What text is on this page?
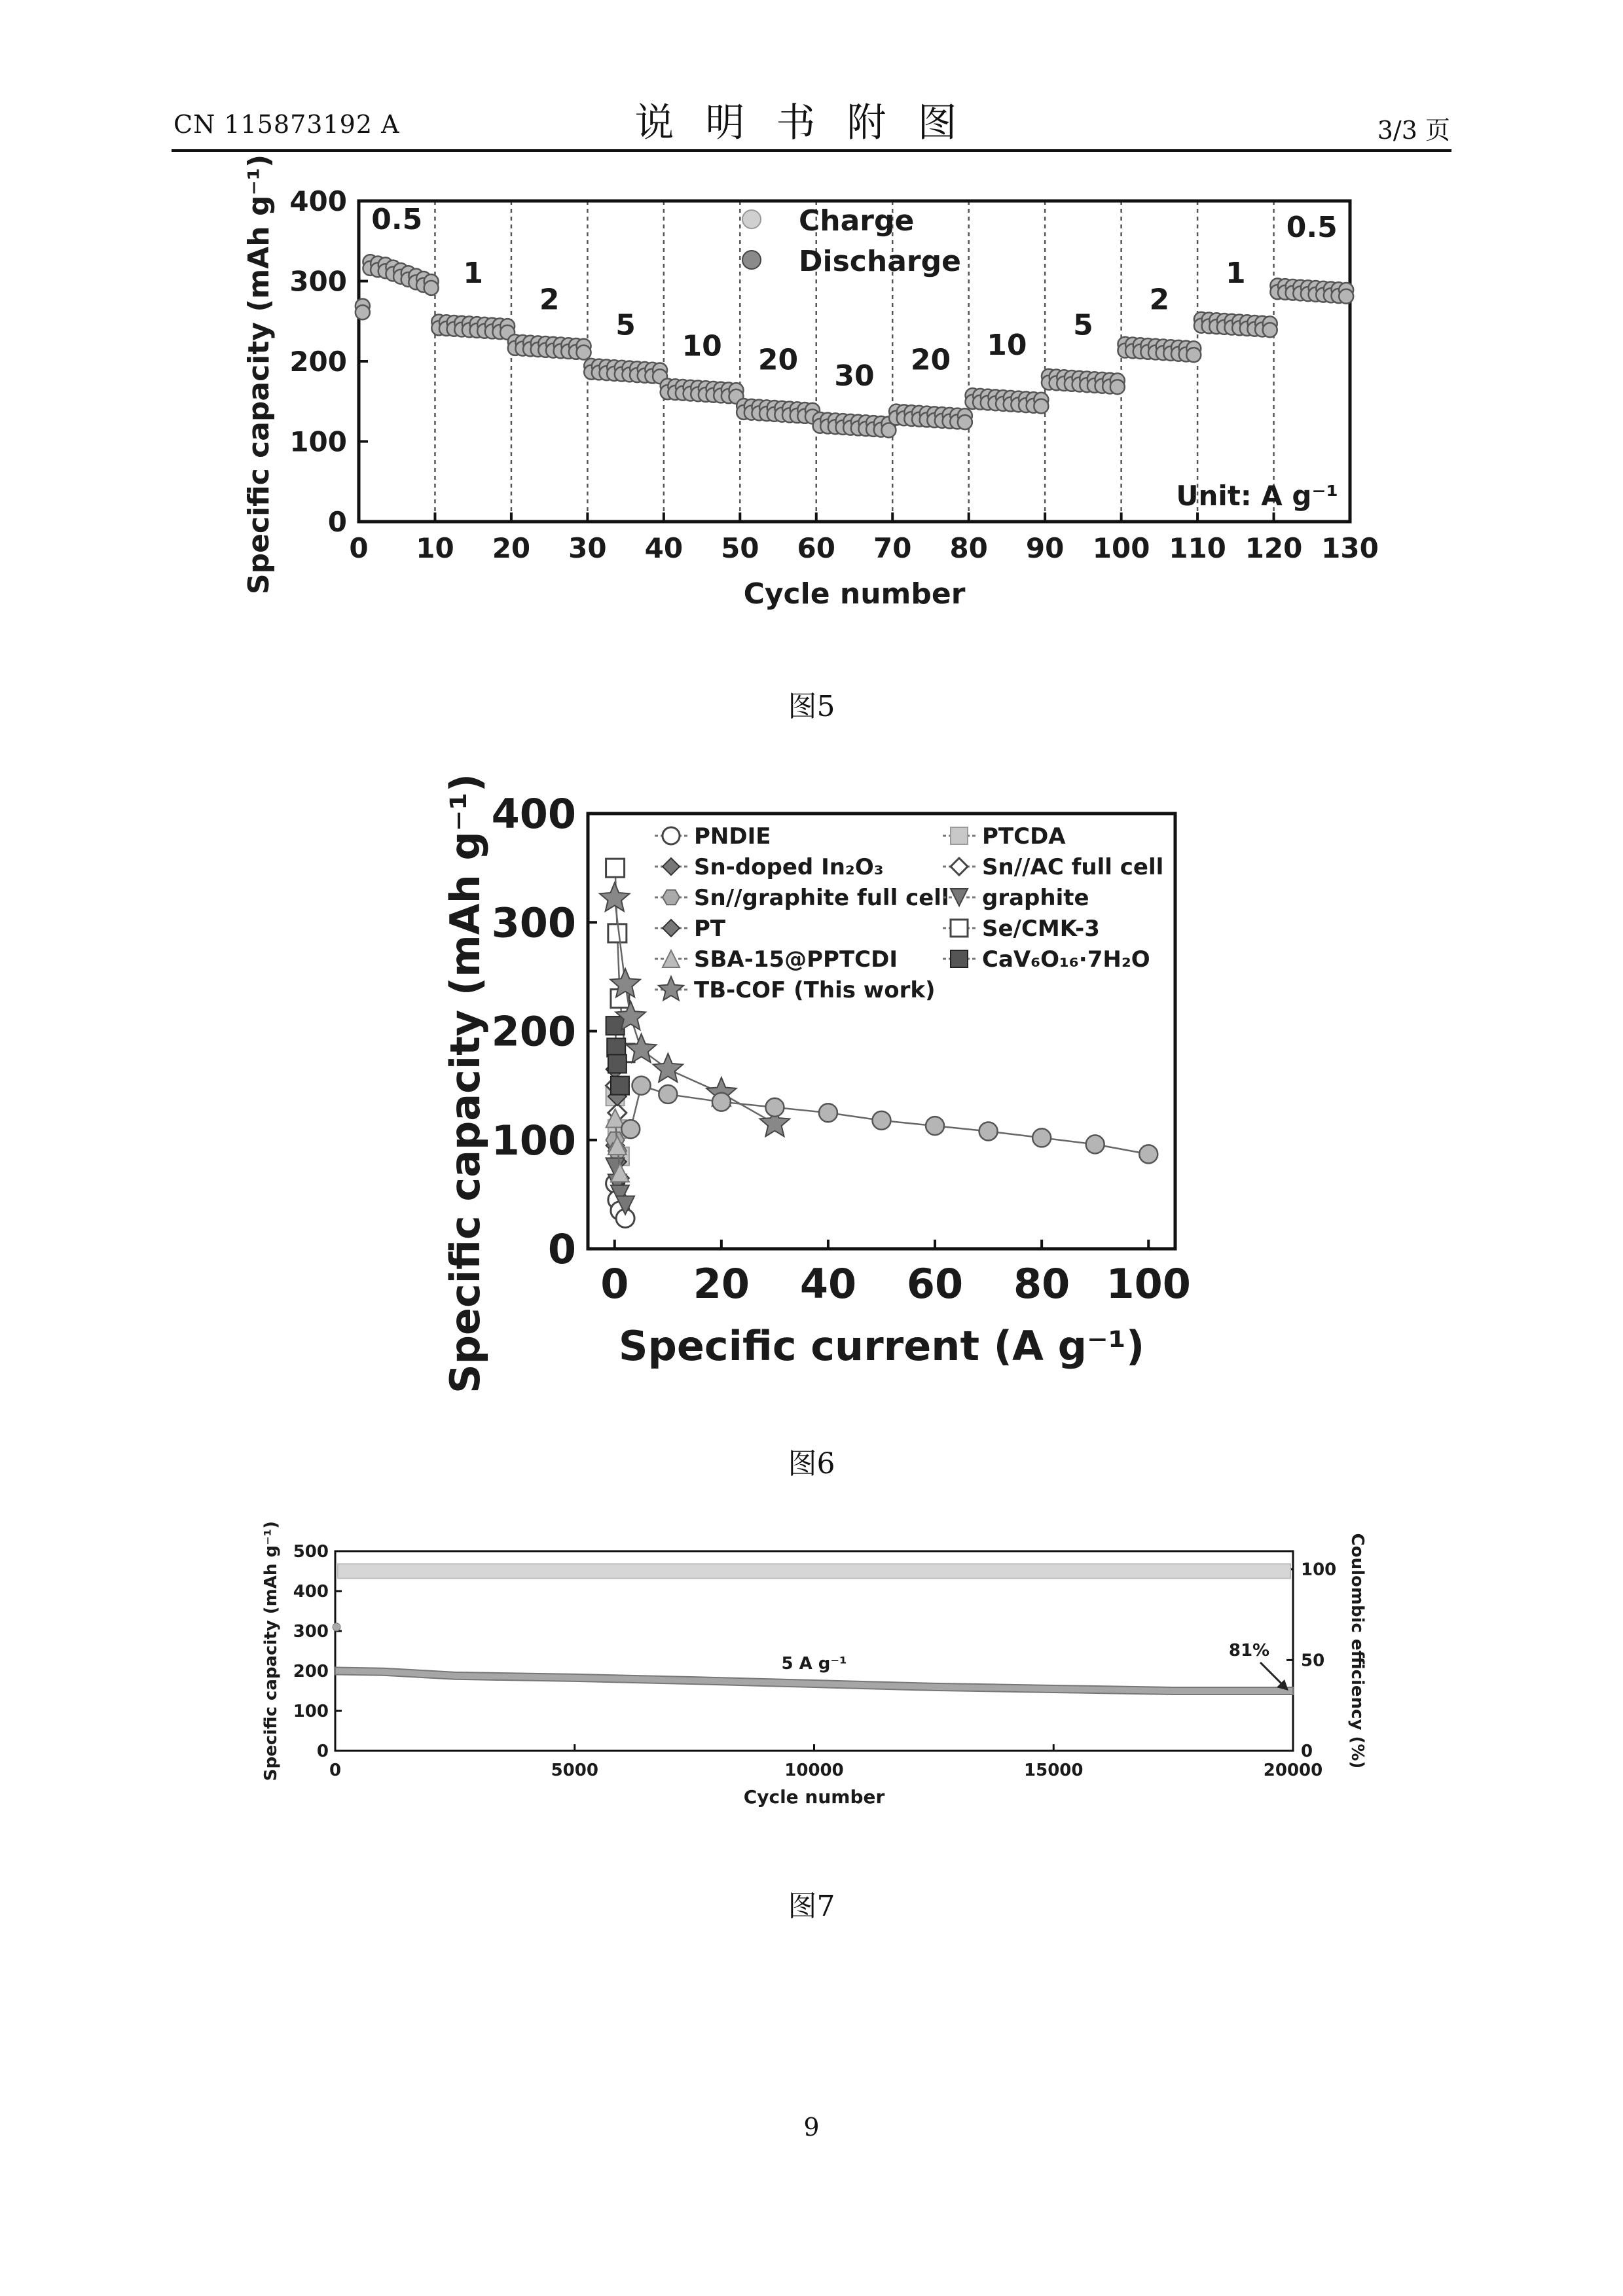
CN 115873192 A	说明书附图	3/3 页
0 10 20 30 40 50 60 70 80 90 100 110 120 130
0
100
200
300
400
Cycle number
Specific capacity (mAh g⁻¹)	Charge
Discharge
0.5
1
2
5
10 20 30 20 10
5
2
1
0.5
Unit: A g⁻¹
图5
0 20 40 60 80 100
0
100
200
300
400
Specific current (A g⁻¹)
Specific capacity (mAh g⁻¹)	PNDIE	PTCDA
Sn-doped In₂O₃	Sn//AC full cell
Sn//graphite full cell graphite
PT	Se/CMK-3
SBA-15@PPTCDI	CaV₆O₁₆·7H₂O
TB-COF (This work)
图6
0	5000	10000	15000	20000
0
100
200
300
400
500
0
50
100
Cycle number
Specific capacity (mAh g⁻¹)	Coulombic efficiency (%)
5 A g⁻¹
81%
图7
9
